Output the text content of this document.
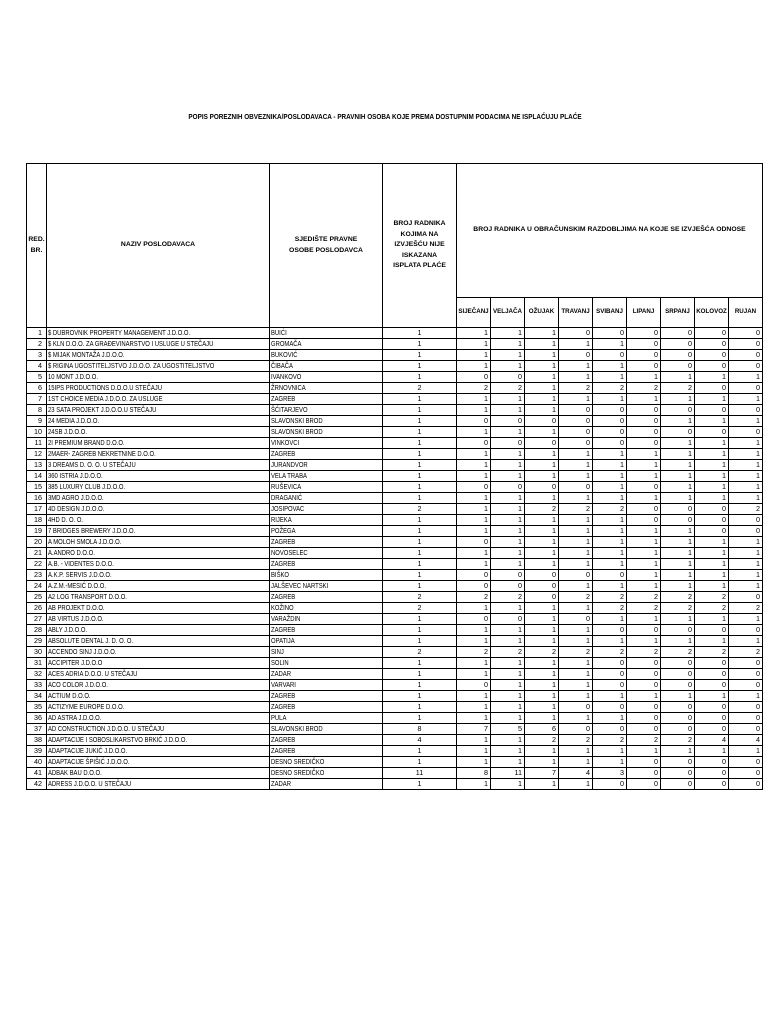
POPIS POREZNIH OBVEZNIKA/POSLODAVACA - PRAVNIH OSOBA KOJE PREMA DOSTUPNIM PODACIMA NE ISPLAĆUJU PLAĆE
RED. BR.	NAZIV POSLODAVACA	SJEDIŠTE PRAVNE OSOBE POSLODAVCA	BROJ RADNIKA KOJIMA NA IZVJEŠĆU NIJE ISKAZANA ISPLATA PLAĆE	BROJ RADNIKA U OBRAČUNSKIM RAZDOBLJIMA NA KOJE SE IZVJEŠĆA ODNOSE								
				SIJEČANJ	VELJAČA	OŽUJAK	TRAVANJ	SVIBANJ	LIPANJ	SRPANJ	KOLOVOZ	RUJAN
1	$ DUBROVNIK PROPERTY MANAGEMENT J.D.O.O.	BUIĆI	1	1	1	1	0	0	0	0	0	0
2	$ KLN D.O.O. ZA GRAĐEVINARSTVO I USLUGE U STEČAJU	GROMAČA	1	1	1	1	1	1	0	0	0	0
3	$ MIJAK MONTAŽA J.D.O.O.	BUKOVIĆ	1	1	1	1	0	0	0	0	0	0
4	$ RIGINA UGOSTITELJSTVO J.D.O.O. ZA UGOSTITELJSTVO	ČIBAČA	1	1	1	1	1	1	0	0	0	0
5	10 MONT J.D.O.O.	IVANKOVO	1	0	0	1	1	1	1	1	1	1
6	15IPS PRODUCTIONS D.O.O.U STEČAJU	ŽRNOVNICA	2	2	2	1	2	2	2	2	0	0
7	1ST CHOICE MEDIA J.D.O.O. ZA USLUGE	ZAGREB	1	1	1	1	1	1	1	1	1	1
8	23 SATA PROJEKT J.D.O.O.U STEČAJU	ŠĆITARJEVO	1	1	1	1	0	0	0	0	0	0
9	24 MEDIA J.D.O.O.	SLAVONSKI BROD	1	0	0	0	0	0	0	1	1	1
10	24SB J.D.O.O.	SLAVONSKI BROD	1	1	1	1	0	0	0	0	0	0
11	2I PREMIUM BRAND D.O.O.	VINKOVCI	1	0	0	0	0	0	0	1	1	1
12	2MAER- ZAGREB NEKRETNINE D.O.O.	ZAGREB	1	1	1	1	1	1	1	1	1	1
13	3 DREAMS D. O. O. U STEČAJU	JURANDVOR	1	1	1	1	1	1	1	1	1	1
14	360 ISTRIA J.D.O.O.	VELA TRABA	1	1	1	1	1	1	1	1	1	1
15	385 LUXURY CLUB J.D.O.O.	RUŠEVICA	1	0	0	0	0	1	0	1	1	1
16	3MD AGRO J.D.O.O.	DRAGANIĆ	1	1	1	1	1	1	1	1	1	1
17	4D DESIGN J.D.O.O.	JOSIPOVAC	2	1	1	2	2	2	0	0	0	2
18	4HD D. O. O.	RIJEKA	1	1	1	1	1	1	0	0	0	0
19	7 BRIDGES BREWERY J.D.O.O.	POŽEGA	1	1	1	1	1	1	1	1	0	0
20	A MOLOH SMOLA J.D.O.O.	ZAGREB	1	0	1	1	1	1	1	1	1	1
21	A.ANDRO D.O.O.	NOVOSELEC	1	1	1	1	1	1	1	1	1	1
22	A.B. - VIDENTES D.O.O.	ZAGREB	1	1	1	1	1	1	1	1	1	1
23	A.K.P. SERVIS J.D.O.O.	BIŠKO	1	0	0	0	0	0	1	1	1	1
24	A.Z.M.-MESIĆ D.O.O.	JALŠEVEC NARTSKI	1	0	0	0	1	1	1	1	1	1
25	A2 LOG TRANSPORT D.O.O.	ZAGREB	2	2	2	0	2	2	2	2	2	0
26	AB PROJEKT D.O.O.	KOŽINO	2	1	1	1	1	2	2	2	2	2
27	AB VIRTUS J.D.O.O.	VARAŽDIN	1	0	0	1	0	1	1	1	1	1
28	ABLY J.D.O.O.	ZAGREB	1	1	1	1	1	0	0	0	0	0
29	ABSOLUTE DENTAL J. D. O. O.	OPATIJA	1	1	1	1	1	1	1	1	1	1
30	ACCENDO SINJ J.D.O.O.	SINJ	2	2	2	2	2	2	2	2	2	2
31	ACCIPITER J.D.O.O	SOLIN	1	1	1	1	1	0	0	0	0	0
32	ACES ADRIA D.O.O. U STEČAJU	ZADAR	1	1	1	1	1	0	0	0	0	0
33	ACO COLOR J.D.O.O.	VARVARI	1	0	1	1	1	0	0	0	0	0
34	ACTIUM D.O.O.	ZAGREB	1	1	1	1	1	1	1	1	1	1
35	ACTIZYME EUROPE D.O.O.	ZAGREB	1	1	1	1	0	0	0	0	0	0
36	AD ASTRA J.D.O.O.	PULA	1	1	1	1	1	1	0	0	0	0
37	AD CONSTRUCTION J.D.O.O. U STEČAJU	SLAVONSKI BROD	8	7	5	6	0	0	0	0	0	0
38	ADAPTACIJE I SOBOSLIKARSTVO BRKIĆ J.D.O.O.	ZAGREB	4	1	1	2	2	2	2	2	4	4
39	ADAPTACIJE JUKIĆ J.D.O.O.	ZAGREB	1	1	1	1	1	1	1	1	1	1
40	ADAPTACIJE ŠPIŠIĆ J.D.O.O.	DESNO SREDIČKO	1	1	1	1	1	1	0	0	0	0
41	ADBAK BAU D.O.O.	DESNO SREDIČKO	11	8	11	7	4	3	0	0	0	0
42	ADRESS J.D.O.O. U STEČAJU	ZADAR	1	1	1	1	1	0	0	0	0	0
